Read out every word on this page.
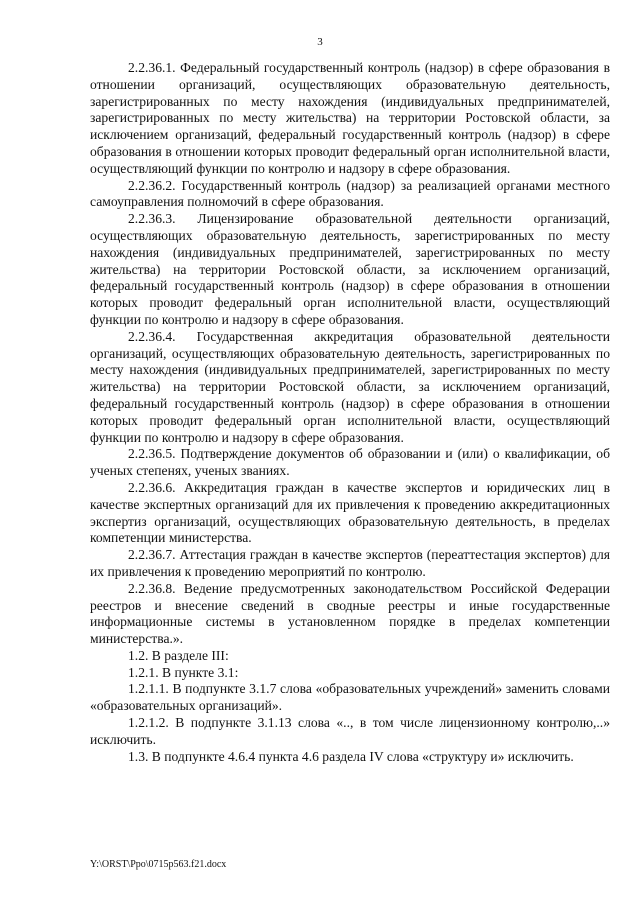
3

2.2.36.1. Федеральный государственный контроль (надзор) в сфере образования в отношении организаций, осуществляющих образовательную деятельность, зарегистрированных по месту нахождения (индивидуальных предпринимателей, зарегистрированных по месту жительства) на территории Ростовской области, за исключением организаций, федеральный государственный контроль (надзор) в сфере образования в отношении которых проводит федеральный орган исполнительной власти, осуществляющий функции по контролю и надзору в сфере образования.

2.2.36.2. Государственный контроль (надзор) за реализацией органами местного самоуправления полномочий в сфере образования.

2.2.36.3. Лицензирование образовательной деятельности организаций, осуществляющих образовательную деятельность, зарегистрированных по месту нахождения (индивидуальных предпринимателей, зарегистрированных по месту жительства) на территории Ростовской области, за исключением организаций, федеральный государственный контроль (надзор) в сфере образования в отношении которых проводит федеральный орган исполнительной власти, осуществляющий функции по контролю и надзору в сфере образования.

2.2.36.4. Государственная аккредитация образовательной деятельности организаций, осуществляющих образовательную деятельность, зарегистрированных по месту нахождения (индивидуальных предпринимателей, зарегистрированных по месту жительства) на территории Ростовской области, за исключением организаций, федеральный государственный контроль (надзор) в сфере образования в отношении которых проводит федеральный орган исполнительной власти, осуществляющий функции по контролю и надзору в сфере образования.

2.2.36.5. Подтверждение документов об образовании и (или) о квалификации, об ученых степенях, ученых званиях.

2.2.36.6. Аккредитация граждан в качестве экспертов и юридических лиц в качестве экспертных организаций для их привлечения к проведению аккредитационных экспертиз организаций, осуществляющих образовательную деятельность, в пределах компетенции министерства.

2.2.36.7. Аттестация граждан в качестве экспертов (переаттестация экспертов) для их привлечения к проведению мероприятий по контролю.

2.2.36.8. Ведение предусмотренных законодательством Российской Федерации реестров и внесение сведений в сводные реестры и иные государственные информационные системы в установленном порядке в пределах компетенции министерства.».

1.2. В разделе III:

1.2.1. В пункте 3.1:

1.2.1.1. В подпункте 3.1.7 слова «образовательных учреждений» заменить словами «образовательных организаций».

1.2.1.2. В подпункте 3.1.13 слова «.., в том числе лицензионному контролю,..» исключить.

1.3. В подпункте 4.6.4 пункта 4.6 раздела IV слова «структуру и» исключить.

Y:\ORST\Ppo\0715p563.f21.docx
